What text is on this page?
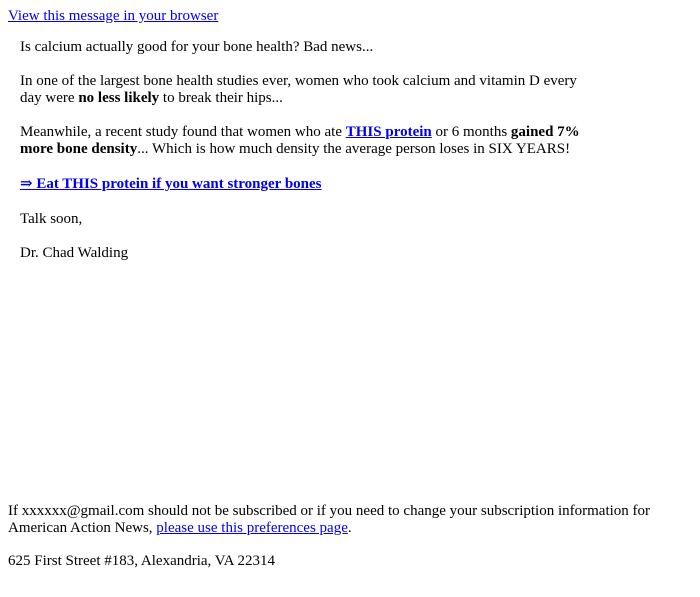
View this message in your browser

Is calcium actually good for your bone health? Bad news...

In one of the largest bone health studies ever, women who took calcium and vitamin D every day were no less likely to break their hips...

Meanwhile, a recent study found that women who ate THIS protein or 6 months gained 7% more bone density... Which is how much density the average person loses in SIX YEARS!

⇒ Eat THIS protein if you want stronger bones

Talk soon,

Dr. Chad Walding

If xxxxxx@gmail.com should not be subscribed or if you need to change your subscription information for American Action News, please use this preferences page.

625 First Street #183, Alexandria, VA 22314
